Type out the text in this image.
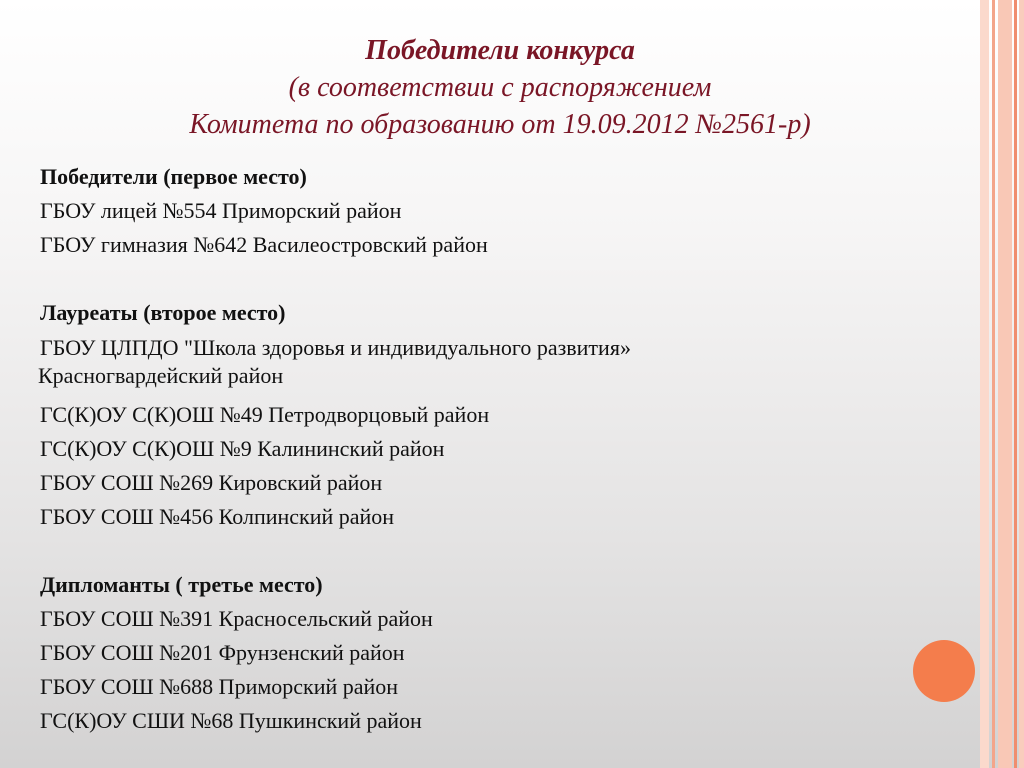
Победители конкурса
(в соответствии с распоряжением
Комитета по образованию от 19.09.2012 №2561-р)
Победители (первое место)
ГБОУ лицей №554 Приморский район
ГБОУ гимназия №642 Василеостровский район
Лауреаты (второе место)
ГБОУ ЦЛПДО "Школа здоровья и индивидуального развития»
Красногвардейский район
ГС(К)ОУ С(К)ОШ №49 Петродворцовый район
ГС(К)ОУ С(К)ОШ №9 Калининский район
ГБОУ СОШ №269 Кировский район
ГБОУ СОШ №456 Колпинский район
Дипломанты ( третье место)
ГБОУ СОШ №391 Красносельский район
ГБОУ СОШ №201 Фрунзенский район
ГБОУ СОШ №688 Приморский район
ГС(К)ОУ СШИ №68 Пушкинский район
